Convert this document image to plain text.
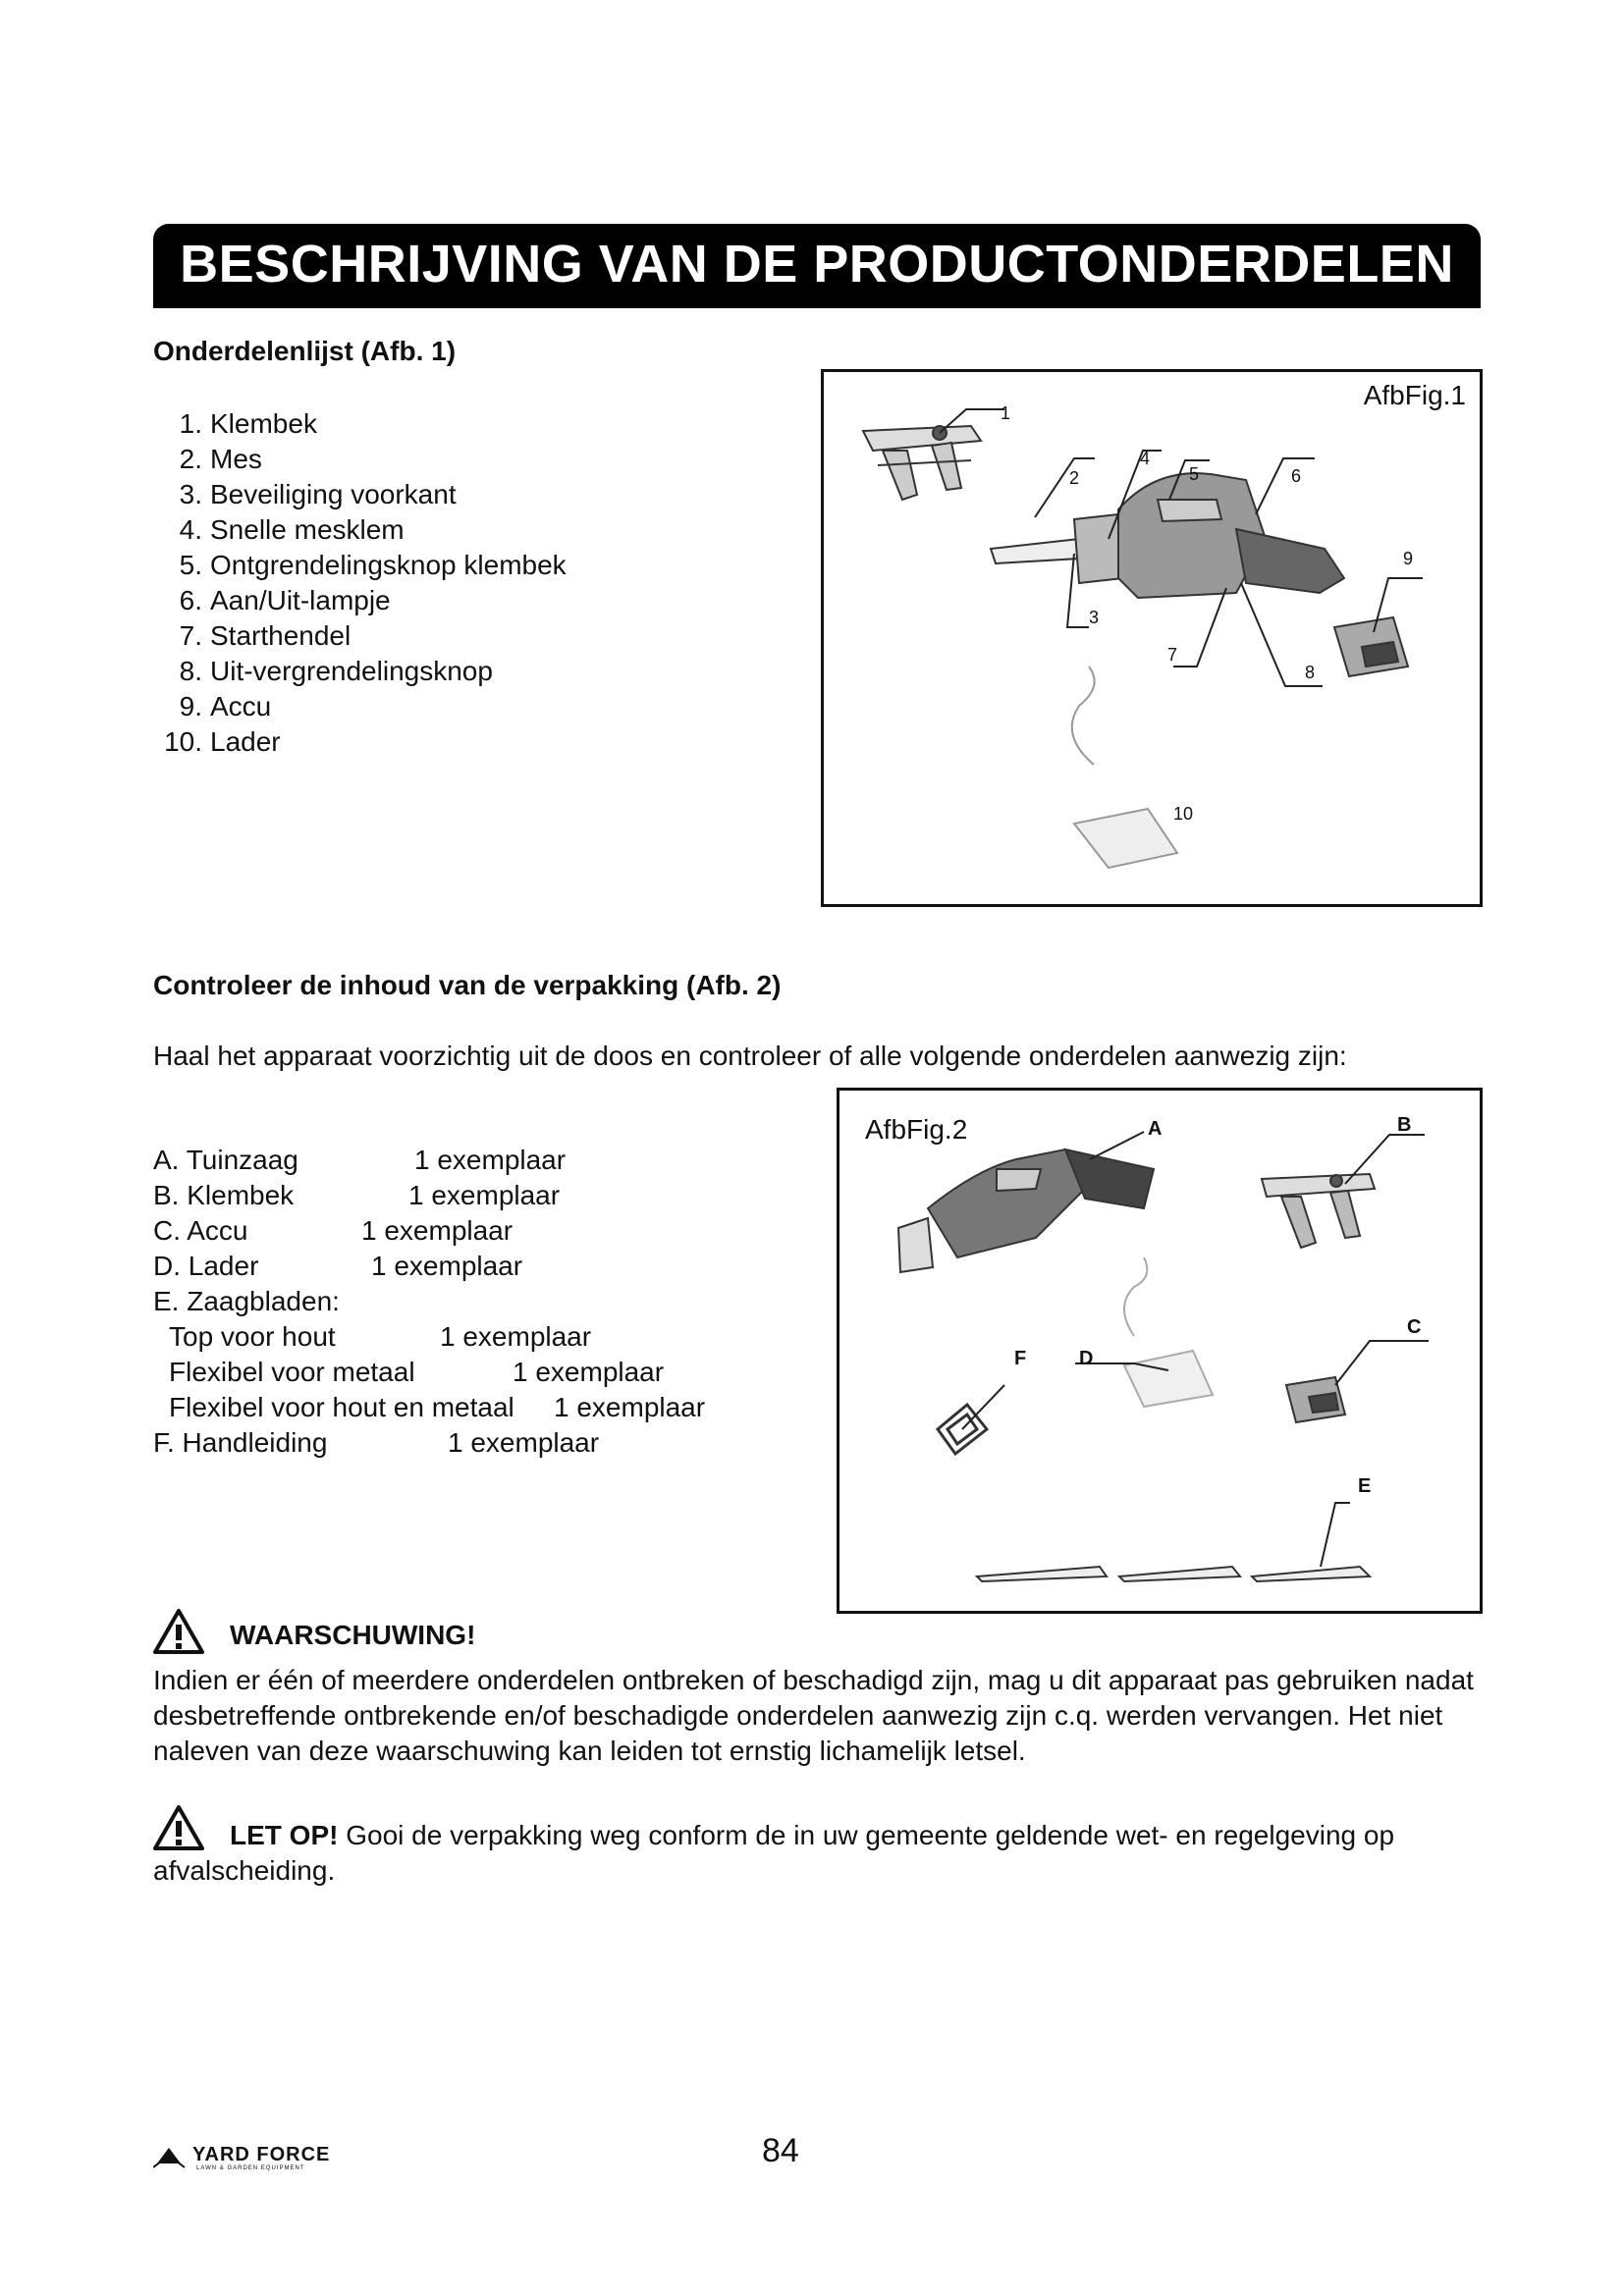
BESCHRIJVING VAN DE PRODUCTONDERDELEN
Onderdelenlijst (Afb. 1)
1. Klembek
2. Mes
3. Beveiliging voorkant
4. Snelle mesklem
5. Ontgrendelingsknop klembek
6. Aan/Uit-lampje
7. Starthendel
8. Uit-vergrendelingsknop
9. Accu
10. Lader
AfbFig.1
1
2
3
4
5	6
7
8
9
10
Controleer de inhoud van de verpakking (Afb. 2)
Haal het apparaat voorzichtig uit de doos en controleer of alle volgende onderdelen aanwezig zijn:
A. Tuinzaag	1 exemplaar
B. Klembek	1 exemplaar
C. Accu	1 exemplaar
D. Lader	1 exemplaar
E. Zaagbladen:
Top voor hout	1 exemplaar
Flexibel voor metaal	1 exemplaar
Flexibel voor hout en metaal 1 exemplaar
F. Handleiding	1 exemplaar
AfbFig.2	A	B
C
D
E
F
WAARSCHUWING!
Indien er één of meerdere onderdelen ontbreken of beschadigd zijn, mag u dit apparaat pas gebruiken nadat desbetreffende ontbrekende en/of beschadigde onderdelen aanwezig zijn c.q. werden vervangen. Het niet naleven van deze waarschuwing kan leiden tot ernstig lichamelijk letsel.
LET OP! Gooi de verpakking weg conform de in uw gemeente geldende wet- en regelgeving op afvalscheiding.
YARD FORCE
LAWN & GARDEN EQUIPMENT	84
